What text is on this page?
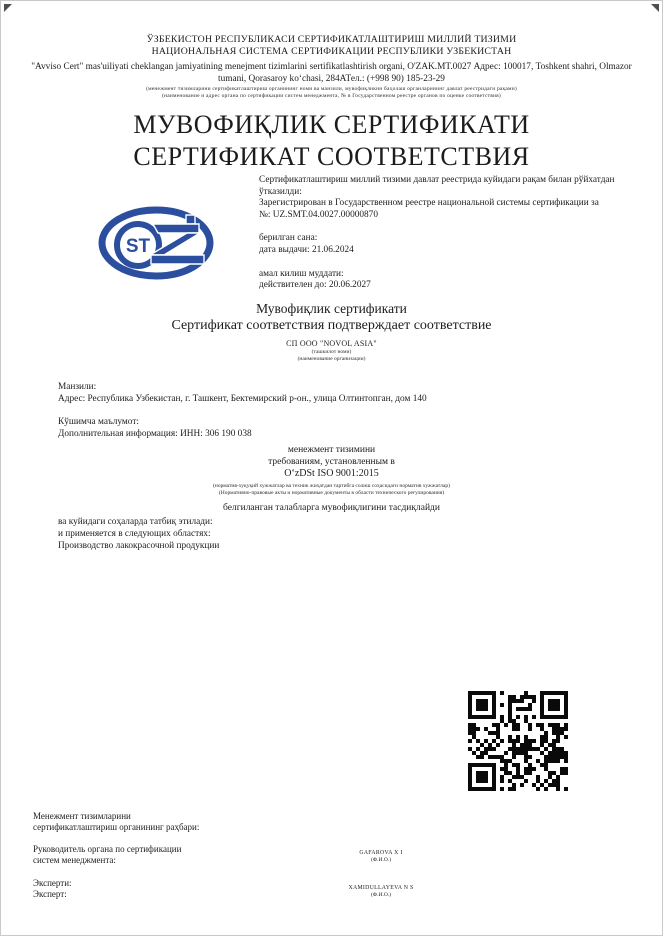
ЎЗБЕКИСТОН РЕСПУБЛИКАСИ СЕРТИФИКАТЛАШТИРИШ МИЛЛИЙ ТИЗИМИ
НАЦИОНАЛЬНАЯ СИСТЕМА СЕРТИФИКАЦИИ РЕСПУБЛИКИ УЗБЕКИСТАН
"Avviso Cert" mas'uiliyati cheklangan jamiyatining menejment tizimlarini sertifikatlashtirish organi, O'ZAK.MT.0027 Адрес: 100017, Toshkent shahri, Olmazor tumani, Qorasaroy ko‘chasi, 284АТел.: (+998 90) 185-23-29
(менежмент тизимларини сертификатлаштириш органининг номи ва манзили, мувофиқликни баҳолаш органларининг давлат реестридаги рақами)
(наименование и адрес органа по сертификации систем менеджмента, № в Государственном реестре органов по оценке соответствия)
МУВОФИҚЛИК СЕРТИФИКАТИ
СЕРТИФИКАТ СООТВЕТСТВИЯ
ST
Сертификатлаштириш миллий тизими давлат реестрида куйидаги рақам билан рўйхатдан ўтказилди:
Зарегистрирован в Государственном реестре национальной системы сертификации за
№: UZ.SMT.04.0027.00000870
берилган сана:
дата выдачи: 21.06.2024
амал килиш муддати:
действителен до: 20.06.2027
Мувофиқлик сертификати
Сертификат соответствия подтверждает соответствие
СП ООО "NOVOL ASIA"
(ташкилот номи)
(наименование организации)
Манзили:
Адрес: Республика Узбекистан, г. Ташкент, Бектемирский р-он., улица Олтинтопган, дом 140
Кўшимча маълумот:
Дополнительная информация: ИНН: 306 190 038
менежмент тизимини
требованиям, установленным в
O‘zDSt ISO 9001:2015
(норматив-хуқуқий хужжатлар ва техник жиҳатдан тартибга солиш соҳасидаги норматив хужжатлар)
(Нормативно-правовые акты и нормативные документы в области технического регулирования)
белгиланган талабларга мувофиқлигини тасдиқлайди
ва куйидаги соҳаларда татбиқ этилади:
и применяется в следующих областях:
Производство лакокрасочной продукции
Менежмент тизимларини
сертификатлаштириш органининг раҳбари:
Руководитель органа по сертификации
систем менеджмента:
Эксперти:
Эксперт:
GAFAROVA X I
(Ф.И.О.)
XAMIDULLAYEVA N S
(Ф.И.О.)
